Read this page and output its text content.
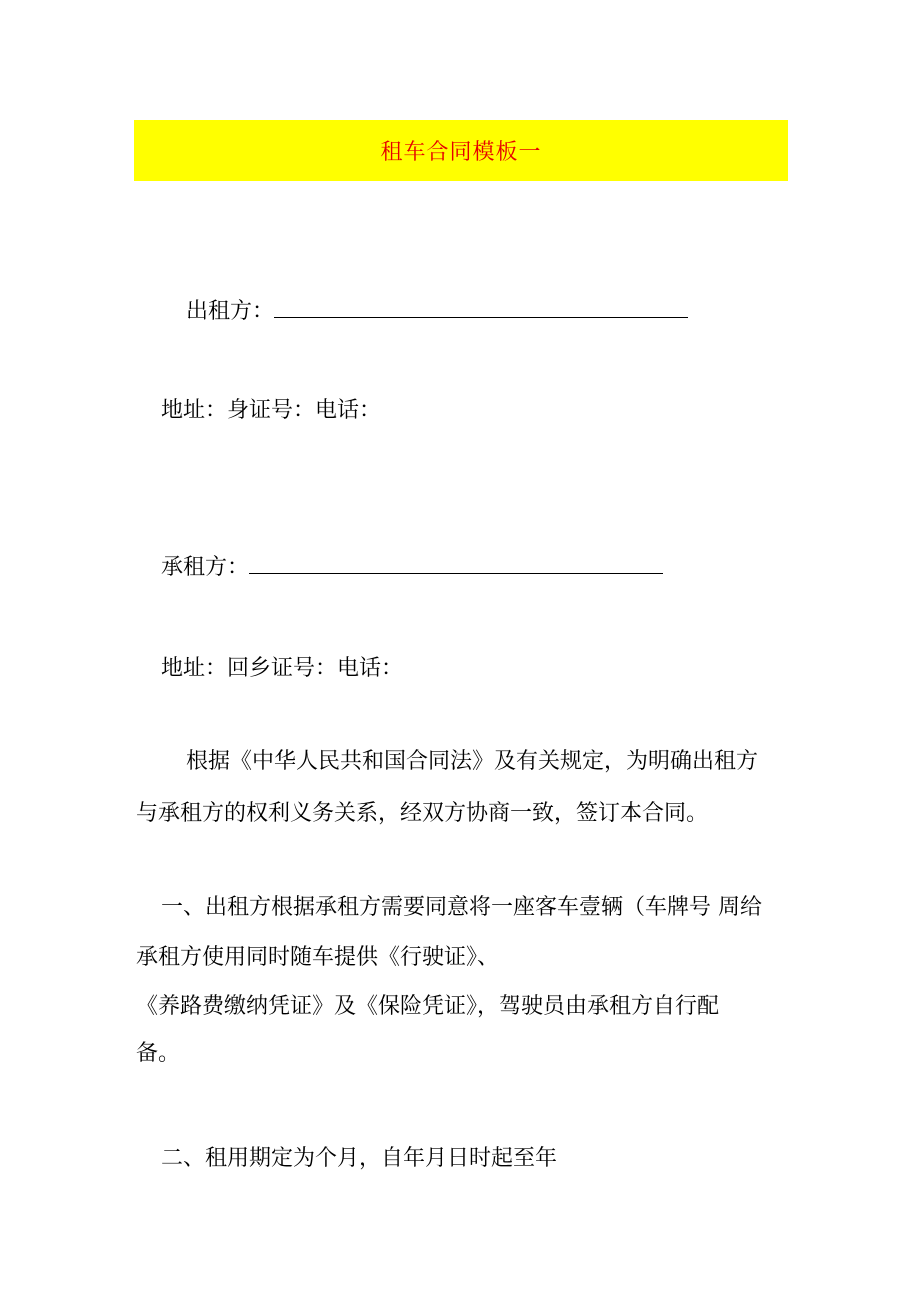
租车合同模板一
出租方：
地址：身证号：电话：
承租方：
地址：回乡证号：电话：
根据《中华人民共和国合同法》及有关规定，为明确出租方
与承租方的权利义务关系，经双方协商一致，签订本合同。
一、出租方根据承租方需要同意将一座客车壹辆（车牌号 周给
承租方使用同时随车提供《行驶证》、
《养路费缴纳凭证》及《保险凭证》，驾驶员由承租方自行配
备。
二、租用期定为个月，自年月日时起至年
